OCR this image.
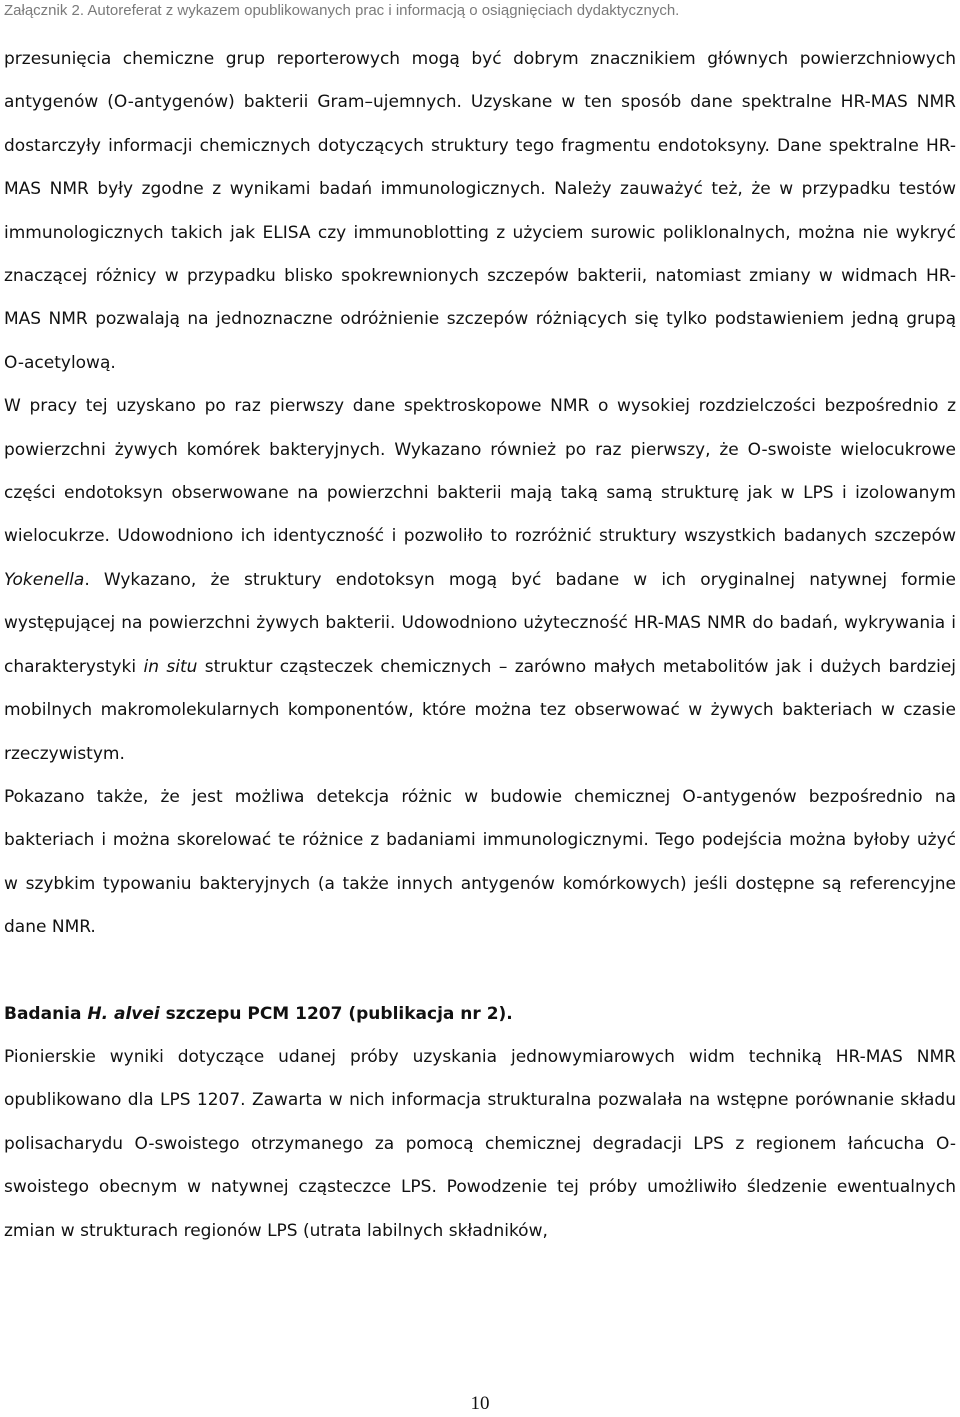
Załącznik 2. Autoreferat z wykazem opublikowanych prac i informacją o osiągnięciach dydaktycznych.

przesunięcia chemiczne grup reporterowych mogą być dobrym znacznikiem głównych powierzchniowych antygenów (O-antygenów) bakterii Gram–ujemnych. Uzyskane w ten sposób dane spektralne HR-MAS NMR dostarczyły informacji chemicznych dotyczących struktury tego fragmentu endotoksyny. Dane spektralne HR-MAS NMR były zgodne z wynikami badań immunologicznych. Należy zauważyć też, że w przypadku testów immunologicznych takich jak ELISA czy immunoblotting z użyciem surowic poliklonalnych, można nie wykryć znaczącej różnicy w przypadku blisko spokrewnionych szczepów bakterii, natomiast zmiany w widmach HR-MAS NMR pozwalają na jednoznaczne odróżnienie szczepów różniących się tylko podstawieniem jedną grupą O-acetylową.

W pracy tej uzyskano po raz pierwszy dane spektroskopowe NMR o wysokiej rozdzielczości bezpośrednio z powierzchni żywych komórek bakteryjnych. Wykazano również po raz pierwszy, że O-swoiste wielocukrowe części endotoksyn obserwowane na powierzchni bakterii mają taką samą strukturę jak w LPS i izolowanym wielocukrze. Udowodniono ich identyczność i pozwoliło to rozróżnić struktury wszystkich badanych szczepów Yokenella. Wykazano, że struktury endotoksyn mogą być badane w ich oryginalnej natywnej formie występującej na powierzchni żywych bakterii. Udowodniono użyteczność HR-MAS NMR do badań, wykrywania i charakterystyki in situ struktur cząsteczek chemicznych – zarówno małych metabolitów jak i dużych bardziej mobilnych makromolekularnych komponentów, które można tez obserwować w żywych bakteriach w czasie rzeczywistym.

Pokazano także, że jest możliwa detekcja różnic w budowie chemicznej O-antygenów bezpośrednio na bakteriach i można skorelować te różnice z badaniami immunologicznymi. Tego podejścia można byłoby użyć w szybkim typowaniu bakteryjnych (a także innych antygenów komórkowych) jeśli dostępne są referencyjne dane NMR.

Badania H. alvei szczepu PCM 1207 (publikacja nr 2).

Pionierskie wyniki dotyczące udanej próby uzyskania jednowymiarowych widm techniką HR-MAS NMR opublikowano dla LPS 1207. Zawarta w nich informacja strukturalna pozwalała na wstępne porównanie składu polisacharydu O-swoistego otrzymanego za pomocą chemicznej degradacji LPS z regionem łańcucha O-swoistego obecnym w natywnej cząsteczce LPS. Powodzenie tej próby umożliwiło śledzenie ewentualnych zmian w strukturach regionów LPS (utrata labilnych składników,

10
